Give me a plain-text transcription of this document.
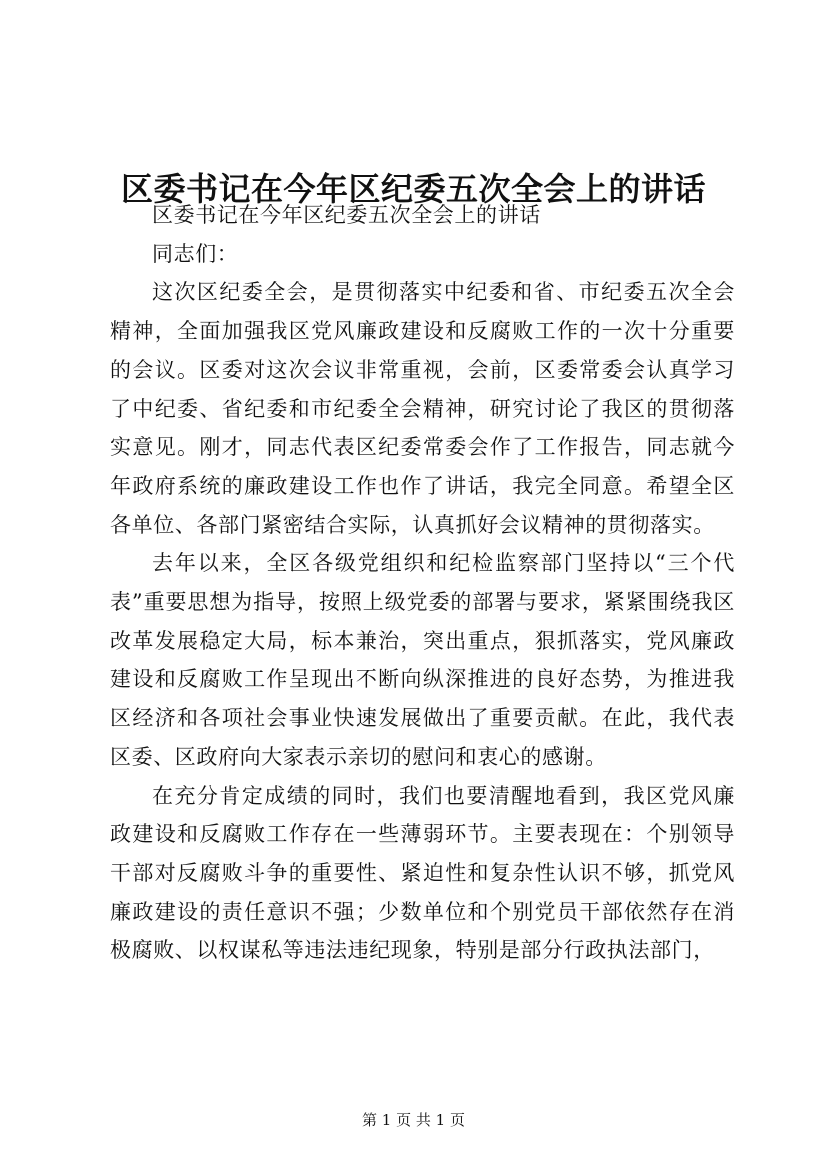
区委书记在今年区纪委五次全会上的讲话

区委书记在今年区纪委五次全会上的讲话

同志们：

这次区纪委全会，是贯彻落实中纪委和省、市纪委五次全会精神，全面加强我区党风廉政建设和反腐败工作的一次十分重要的会议。区委对这次会议非常重视，会前，区委常委会认真学习了中纪委、省纪委和市纪委全会精神，研究讨论了我区的贯彻落实意见。刚才，同志代表区纪委常委会作了工作报告，同志就今年政府系统的廉政建设工作也作了讲话，我完全同意。希望全区各单位、各部门紧密结合实际，认真抓好会议精神的贯彻落实。

去年以来，全区各级党组织和纪检监察部门坚持以“三个代表”重要思想为指导，按照上级党委的部署与要求，紧紧围绕我区改革发展稳定大局，标本兼治，突出重点，狠抓落实，党风廉政建设和反腐败工作呈现出不断向纵深推进的良好态势，为推进我区经济和各项社会事业快速发展做出了重要贡献。在此，我代表区委、区政府向大家表示亲切的慰问和衷心的感谢。

在充分肯定成绩的同时，我们也要清醒地看到，我区党风廉政建设和反腐败工作存在一些薄弱环节。主要表现在：个别领导干部对反腐败斗争的重要性、紧迫性和复杂性认识不够，抓党风廉政建设的责任意识不强；少数单位和个别党员干部依然存在消极腐败、以权谋私等违法违纪现象，特别是部分行政执法部门，

第 1 页 共 1 页
